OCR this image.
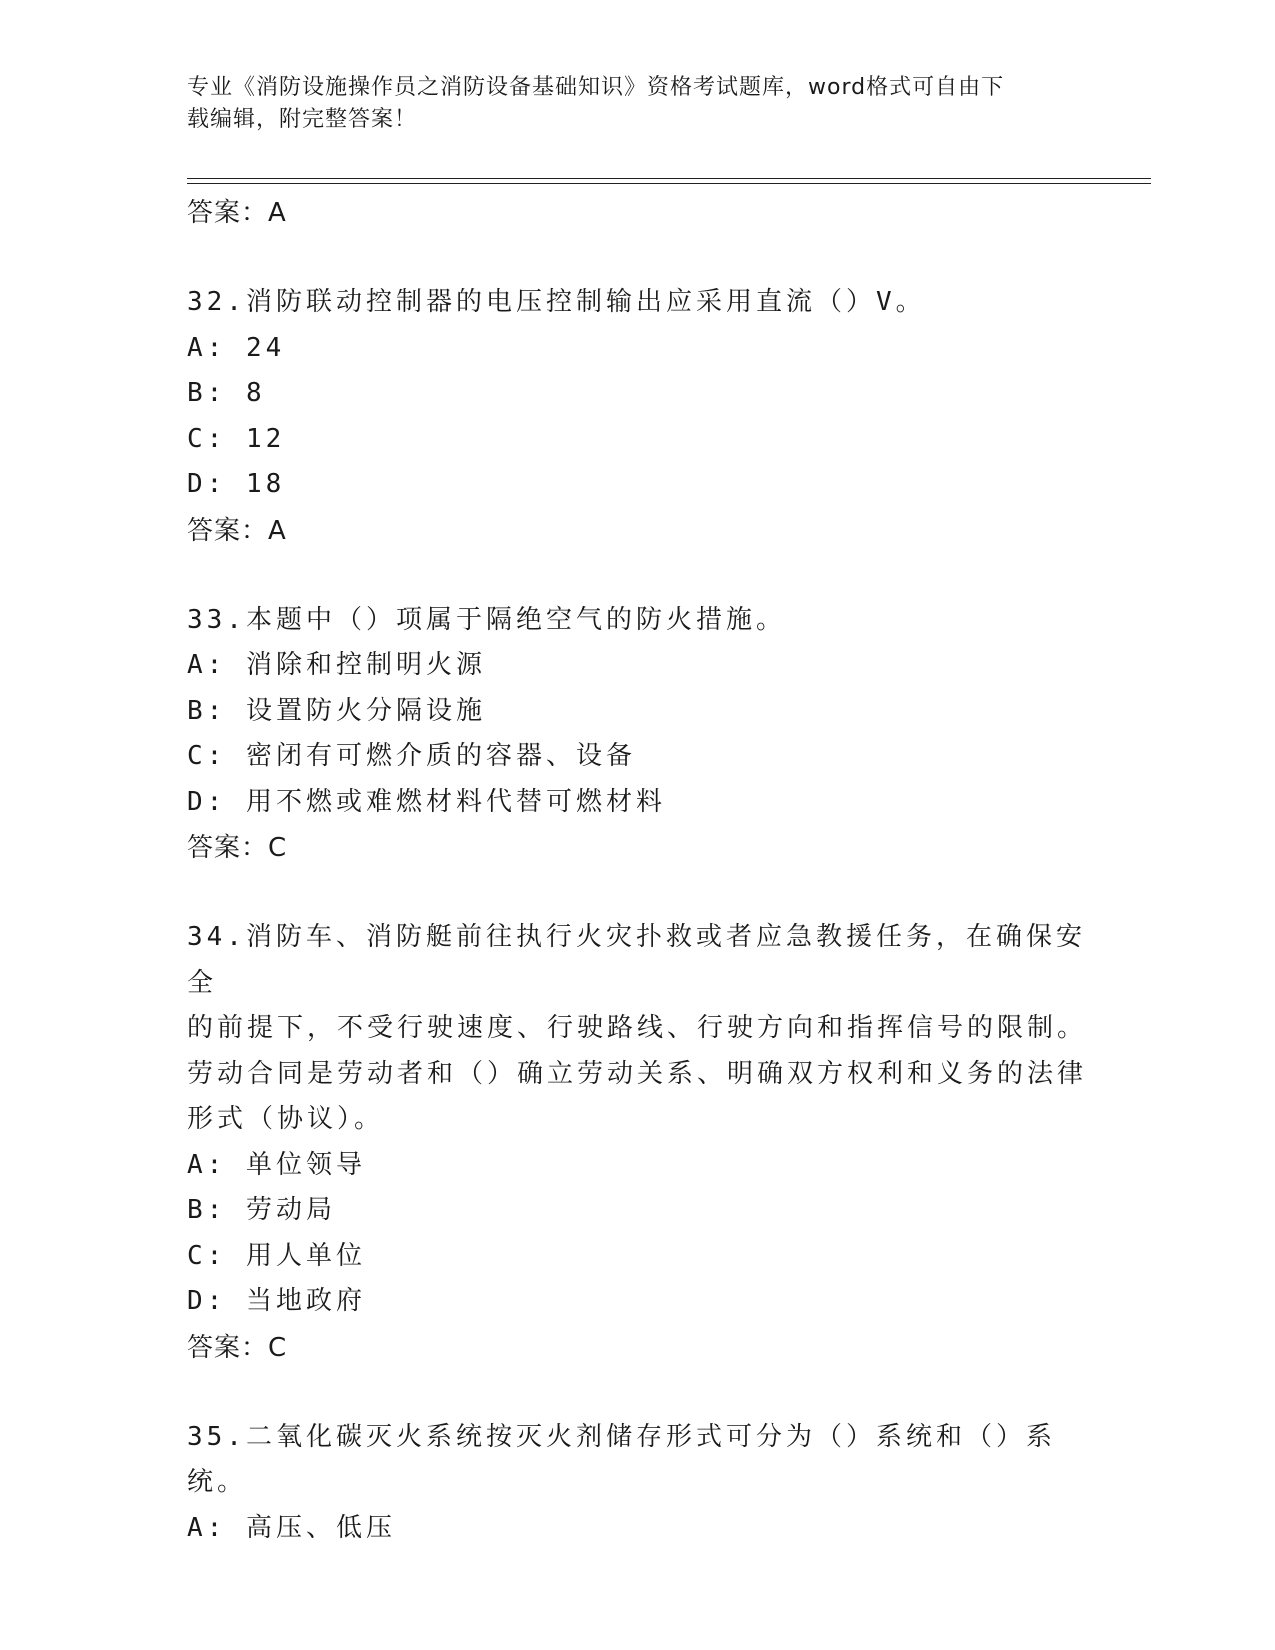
专业《消防设施操作员之消防设备基础知识》资格考试题库，word格式可自由下
载编辑，附完整答案！
答案：A
32.消防联动控制器的电压控制输出应采用直流（）V。
A: 24
B: 8
C: 12
D: 18
答案：A
33.本题中（）项属于隔绝空气的防火措施。
A: 消除和控制明火源
B: 设置防火分隔设施
C: 密闭有可燃介质的容器、设备
D: 用不燃或难燃材料代替可燃材料
答案：C
34.消防车、消防艇前往执行火灾扑救或者应急教援任务，在确保安全
的前提下，不受行驶速度、行驶路线、行驶方向和指挥信号的限制。
劳动合同是劳动者和（）确立劳动关系、明确双方权利和义务的法律
形式（协议）。
A: 单位领导
B: 劳动局
C: 用人单位
D: 当地政府
答案：C
35.二氧化碳灭火系统按灭火剂储存形式可分为（）系统和（）系统。
A: 高压、低压
